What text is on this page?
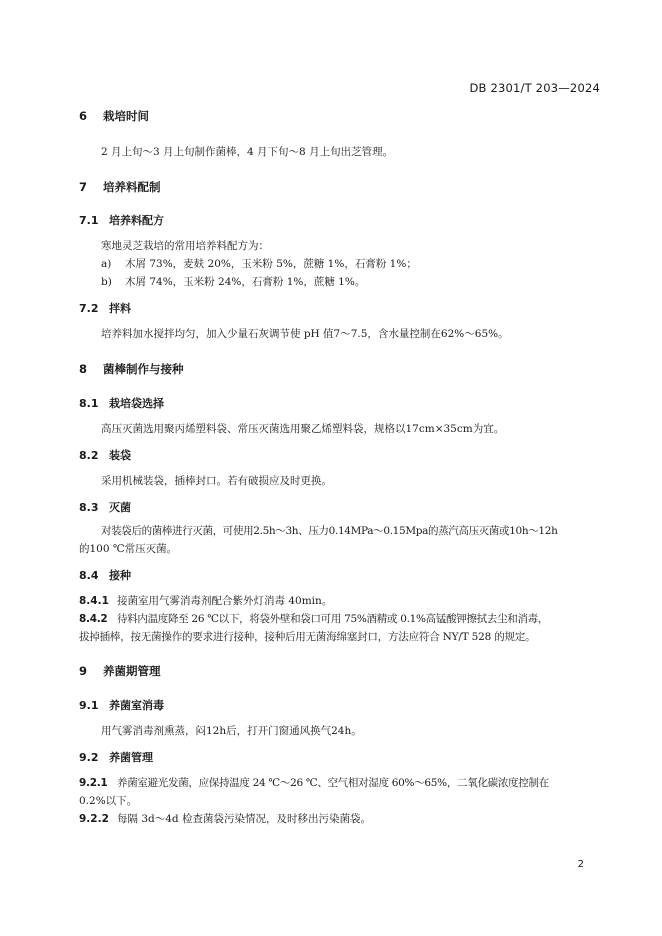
DB 2301/T 203—2024
6 栽培时间
2 月上旬～3 月上旬制作菌棒，4 月下旬～8 月上旬出芝管理。
7 培养料配制
7.1 培养料配方
寒地灵芝栽培的常用培养料配方为：
a) 木屑 73%，麦麸 20%，玉米粉 5%，蔗糖 1%，石膏粉 1%；
b) 木屑 74%，玉米粉 24%，石膏粉 1%，蔗糖 1%。
7.2 拌料
培养料加水搅拌均匀，加入少量石灰调节使 pH 值7～7.5，含水量控制在62%～65%。
8 菌棒制作与接种
8.1 栽培袋选择
高压灭菌选用聚丙烯塑料袋、常压灭菌选用聚乙烯塑料袋，规格以17cm×35cm为宜。
8.2 装袋
采用机械装袋，插棒封口。若有破损应及时更换。
8.3 灭菌
对装袋后的菌棒进行灭菌，可使用2.5h～3h、压力0.14MPa～0.15Mpa的蒸汽高压灭菌或10h～12h
的100 ℃常压灭菌。
8.4 接种
8.4.1 接菌室用气雾消毒剂配合紫外灯消毒 40min。
8.4.2 待料内温度降至 26 ℃以下，将袋外壁和袋口可用 75%酒精或 0.1%高锰酸钾擦拭去尘和消毒，
拔掉插棒，按无菌操作的要求进行接种，接种后用无菌海绵塞封口，方法应符合 NY/T 528 的规定。
9 养菌期管理
9.1 养菌室消毒
用气雾消毒剂熏蒸，闷12h后，打开门窗通风换气24h。
9.2 养菌管理
9.2.1 养菌室避光发菌，应保持温度 24 ℃～26 ℃、空气相对湿度 60%～65%，二氧化碳浓度控制在
0.2%以下。
9.2.2 每隔 3d～4d 检查菌袋污染情况，及时移出污染菌袋。
2
